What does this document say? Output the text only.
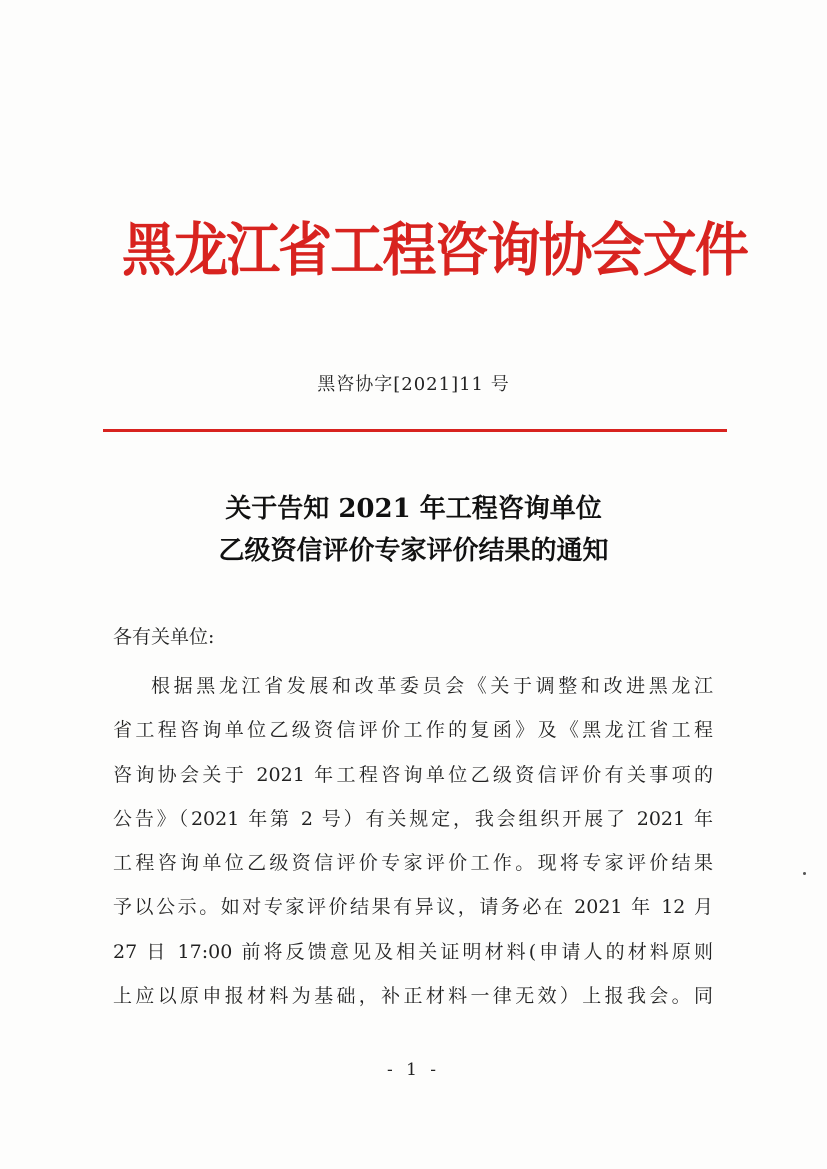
黑龙江省工程咨询协会文件
黑咨协字[2021]11 号
关于告知 2021 年工程咨询单位
乙级资信评价专家评价结果的通知
各有关单位:
根据黑龙江省发展和改革委员会《关于调整和改进黑龙江
省工程咨询单位乙级资信评价工作的复函》及《黑龙江省工程
咨询协会关于 2021 年工程咨询单位乙级资信评价有关事项的
公告》（2021 年第 2 号）有关规定，我会组织开展了 2021 年
工程咨询单位乙级资信评价专家评价工作。现将专家评价结果
予以公示。如对专家评价结果有异议，请务必在 2021 年 12 月
27 日 17:00 前将反馈意见及相关证明材料(申请人的材料原则
上应以原申报材料为基础，补正材料一律无效）上报我会。同
- 1 -
